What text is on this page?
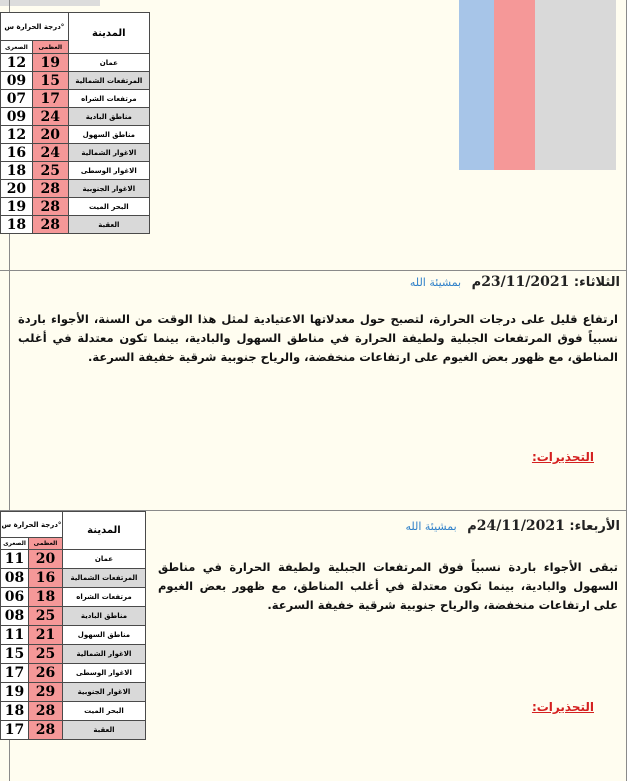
درجة الحرارة س°		المدينة
الصغرى	العظمى	
12	19	عمان
09	15	المرتفعات الشمالية
07	17	مرتفعات الشراه
09	24	مناطق البادية
12	20	مناطق السهول
16	24	الاغوار الشمالية
18	25	الاغوار الوسطى
20	28	الاغوار الجنوبية
19	28	البحر الميت
18	28	العقبة
الثلاثاء: 23/11/2021م بمشيئة الله
ارتفاع قليل على درجات الحرارة، لتصبح حول معدلاتها الاعتيادية لمثل هذا الوقت من السنة، الأجواء باردة نسبياً فوق المرتفعات الجبلية ولطيفة الحرارة في مناطق السهول والبادية، بينما تكون معتدلة في أغلب المناطق، مع ظهور بعض الغيوم على ارتفاعات منخفضة، والرياح جنوبية شرقية خفيفة السرعة.
التحذيرات:
درجة الحرارة س°		المدينة
الصغرى	العظمى	
11	20	عمان
08	16	المرتفعات الشمالية
06	18	مرتفعات الشراه
08	25	مناطق البادية
11	21	مناطق السهول
15	25	الاغوار الشمالية
17	26	الاغوار الوسطى
19	29	الاغوار الجنوبية
18	28	البحر الميت
17	28	العقبة
الأربعاء: 24/11/2021م بمشيئة الله
تبقى الأجواء باردة نسبياً فوق المرتفعات الجبلية ولطيفة الحرارة في مناطق السهول والبادية، بينما تكون معتدلة في أغلب المناطق، مع ظهور بعض الغيوم على ارتفاعات منخفضة، والرياح جنوبية شرقية خفيفة السرعة.
التحذيرات:
